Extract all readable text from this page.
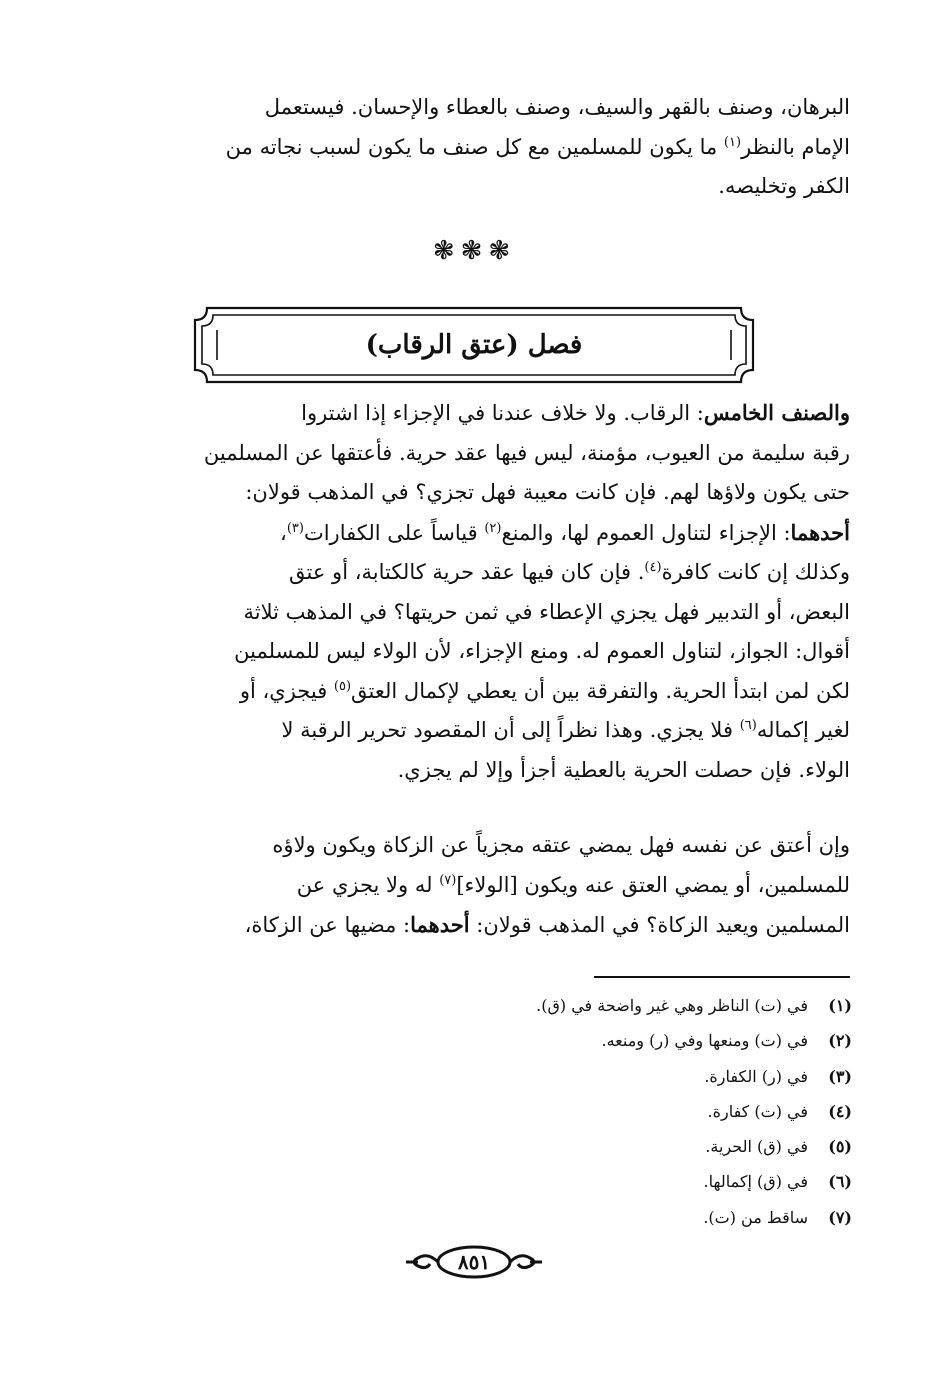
البرهان، وصنف بالقهر والسيف، وصنف بالعطاء والإحسان. فيستعمل

الإمام بالنظر$^{(١)}$ ما يكون للمسلمين مع كل صنف ما يكون لسبب نجاته من

الكفر وتخليصه.

❃❃❃
فصل (عتق الرقاب)

والصنف الخامس: الرقاب. ولا خلاف عندنا في الإجزاء إذا اشتروا

رقبة سليمة من العيوب، مؤمنة، ليس فيها عقد حرية. فأعتقها عن المسلمين

حتى يكون ولاؤها لهم. فإن كانت معيبة فهل تجزي؟ في المذهب قولان:

أحدهما: الإجزاء لتناول العموم لها، والمنع$^{(٢)}$ قياساً على الكفارات$^{(٣)}$،

وكذلك إن كانت كافرة$^{(٤)}$. فإن كان فيها عقد حرية كالكتابة، أو عتق

البعض، أو التدبير فهل يجزي الإعطاء في ثمن حريتها؟ في المذهب ثلاثة

أقوال: الجواز، لتناول العموم له. ومنع الإجزاء، لأن الولاء ليس للمسلمين

لكن لمن ابتدأ الحرية. والتفرقة بين أن يعطي لإكمال العتق$^{(٥)}$ فيجزي، أو

لغير إكماله$^{(٦)}$ فلا يجزي. وهذا نظراً إلى أن المقصود تحرير الرقبة لا

الولاء. فإن حصلت الحرية بالعطية أجزأ وإلا لم يجزي.

وإن أعتق عن نفسه فهل يمضي عتقه مجزياً عن الزكاة ويكون ولاؤه

للمسلمين، أو يمضي العتق عنه ويكون [الولاء]$^{(٧)}$ له ولا يجزي عن

المسلمين ويعيد الزكاة؟ في المذهب قولان: أحدهما: مضيها عن الزكاة،

(١)في (ت) الناظر وهي غير واضحة في (ق).
(٢)في (ت) ومنعها وفي (ر) ومنعه.
(٣)في (ر) الكفارة.
(٤)في (ت) كفارة.
(٥)في (ق) الحرية.
(٦)في (ق) إكمالها.
(٧)ساقط من (ت).
٨٥١
